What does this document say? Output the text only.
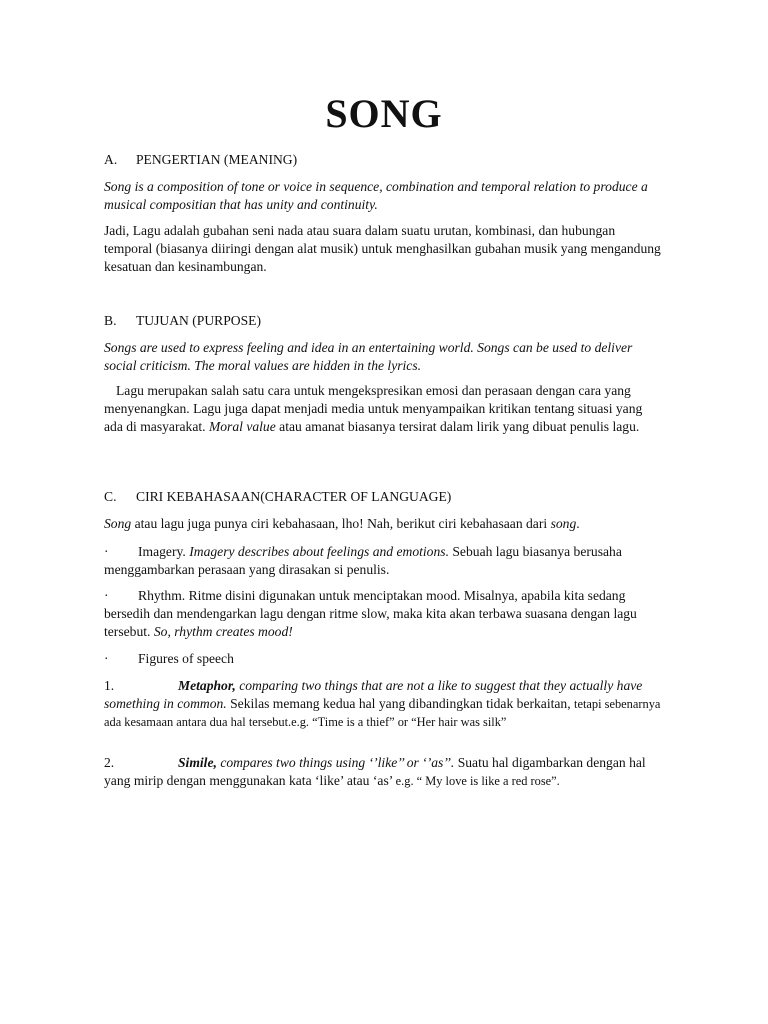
SONG
A. PENGERTIAN (MEANING)
Song is a composition of tone or voice in sequence, combination and temporal relation to produce a musical compositian that has unity and continuity.
Jadi, Lagu adalah gubahan seni nada atau suara dalam suatu urutan, kombinasi, dan hubungan temporal (biasanya diiringi dengan alat musik) untuk menghasilkan gubahan musik yang mengandung kesatuan dan kesinambungan.
B. TUJUAN (PURPOSE)
Songs are used to express feeling and idea in an entertaining world. Songs can be used to deliver social criticism. The moral values are hidden in the lyrics.
Lagu merupakan salah satu cara untuk mengekspresikan emosi dan perasaan dengan cara yang menyenangkan. Lagu juga dapat menjadi media untuk menyampaikan kritikan tentang situasi yang ada di masyarakat. Moral value atau amanat biasanya tersirat dalam lirik yang dibuat penulis lagu.
C. CIRI KEBAHASAAN(CHARACTER OF LANGUAGE)
Song atau lagu juga punya ciri kebahasaan, lho! Nah, berikut ciri kebahasaan dari song.
· Imagery. Imagery describes about feelings and emotions. Sebuah lagu biasanya berusaha menggambarkan perasaan yang dirasakan si penulis.
· Rhythm. Ritme disini digunakan untuk menciptakan mood. Misalnya, apabila kita sedang bersedih dan mendengarkan lagu dengan ritme slow, maka kita akan terbawa suasana dengan lagu tersebut. So, rhythm creates mood!
· Figures of speech
1.	Metaphor, comparing two things that are not a like to suggest that they actually have something in common. Sekilas memang kedua hal yang dibandingkan tidak berkaitan, tetapi sebenarnya ada kesamaan antara dua hal tersebut.e.g. “Time is a thief” or “Her hair was silk”
2.	Simile, compares two things using ‘’like’’ or ‘’as’’. Suatu hal digambarkan dengan hal yang mirip dengan menggunakan kata ‘like’ atau ‘as’ e.g. “ My love is like a red rose”.
